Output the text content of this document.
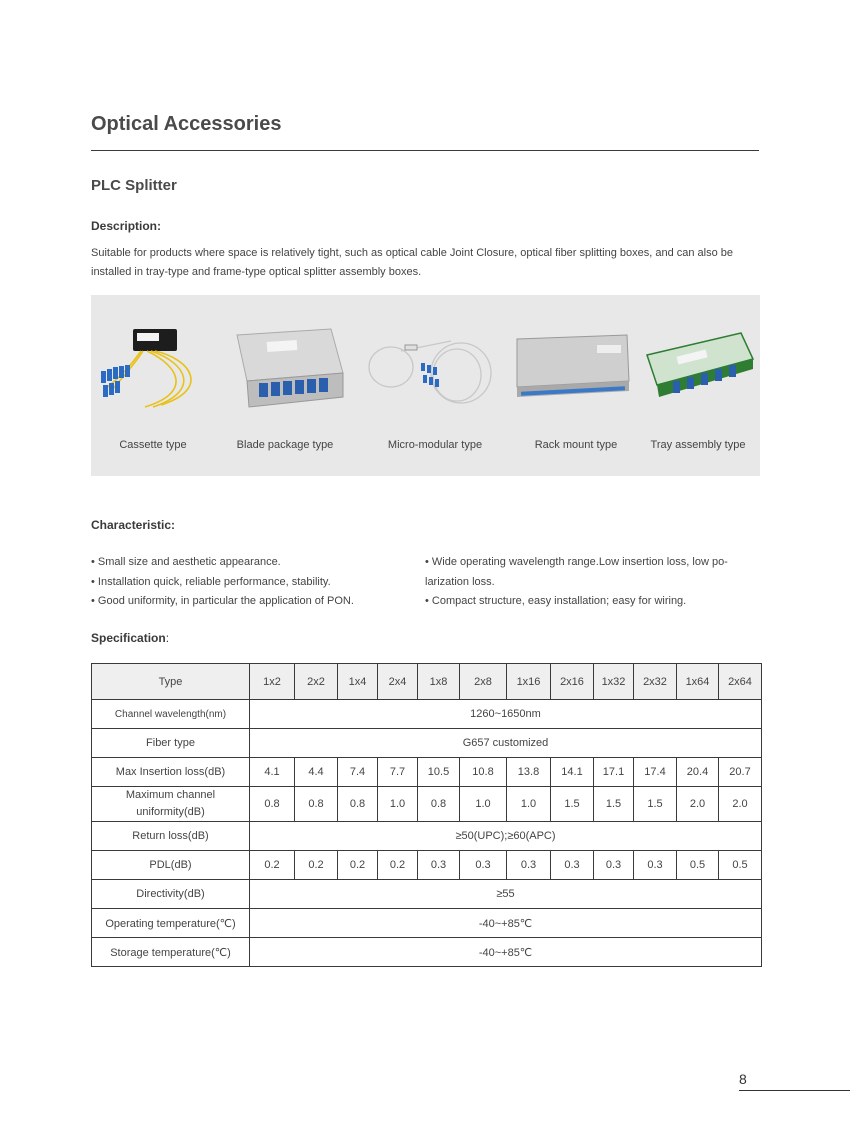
Optical Accessories
PLC Splitter
Description:

Suitable for products where space is relatively tight, such as optical cable Joint Closure, optical fiber splitting boxes, and can also be installed in tray-type and frame-type optical splitter assembly boxes.

Cassette type	Blade package type	Micro-modular type	Rack mount type	Tray assembly type
Characteristic:
• Small size and aesthetic appearance.
• Installation quick, reliable performance, stability.
• Good uniformity, in particular the application of PON.
• Wide operating wavelength range.Low insertion loss, low po-
larization loss.
• Compact structure, easy installation; easy for wiring.
Specification:
Type	1x2	2x2	1x4	2x4	1x8	2x8	1x16	2x16	1x32	2x32	1x64	2x64
Channel wavelength(nm)	1260~1650nm											
Fiber type	G657 customized											
Max Insertion loss(dB)	4.1	4.4	7.4	7.7	10.5	10.8	13.8	14.1	17.1	17.4	20.4	20.7
Maximum channel
uniformity(dB)	0.8	0.8	0.8	1.0	0.8	1.0	1.0	1.5	1.5	1.5	2.0	2.0
Return loss(dB)	≥50(UPC);≥60(APC)											
PDL(dB)	0.2	0.2	0.2	0.2	0.3	0.3	0.3	0.3	0.3	0.3	0.5	0.5
Directivity(dB)	≥55											
Operating temperature(℃)	-40~+85℃											
Storage temperature(℃)	-40~+85℃											
8
